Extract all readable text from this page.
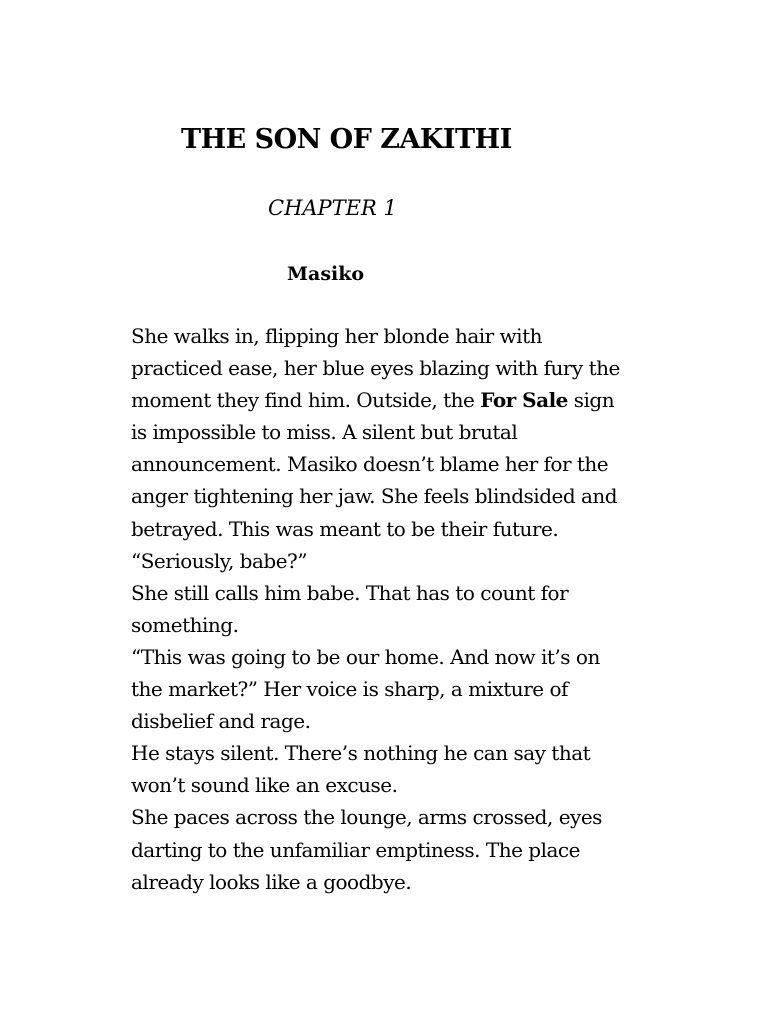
THE SON OF ZAKITHI
CHAPTER 1
Masiko
She walks in, flipping her blonde hair with
practiced ease, her blue eyes blazing with fury the
moment they find him. Outside, the For Sale sign
is impossible to miss. A silent but brutal
announcement. Masiko doesn’t blame her for the
anger tightening her jaw. She feels blindsided and
betrayed. This was meant to be their future.
“Seriously, babe?”
She still calls him babe. That has to count for
something.
“This was going to be our home. And now it’s on
the market?” Her voice is sharp, a mixture of
disbelief and rage.
He stays silent. There’s nothing he can say that
won’t sound like an excuse.
She paces across the lounge, arms crossed, eyes
darting to the unfamiliar emptiness. The place
already looks like a goodbye.
